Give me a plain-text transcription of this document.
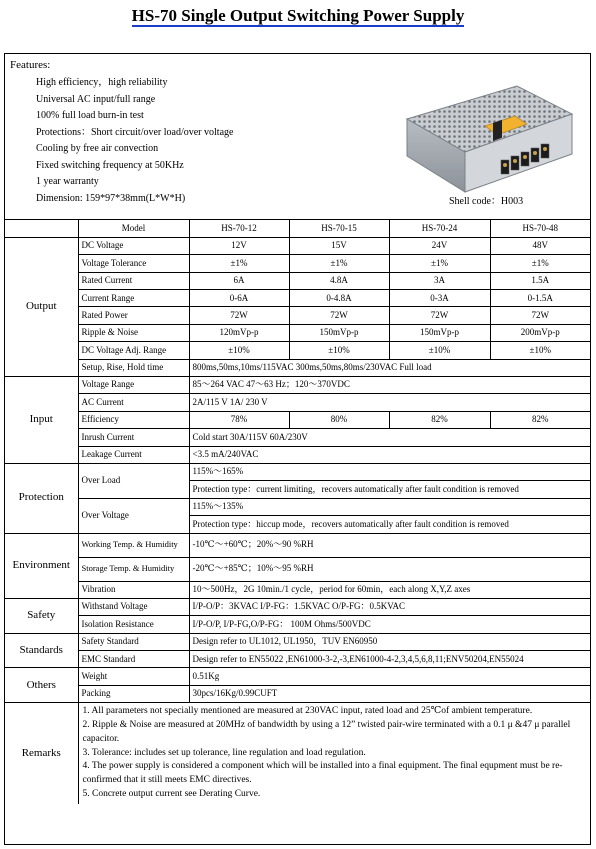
HS-70 Single Output Switching Power Supply
Features:
High efficiency，high reliability
Universal AC input/full range
100% full load burn-in test
Protections：Short circuit/over load/over voltage
Cooling by free air convection
Fixed switching frequency at 50KHz
1 year warranty
Dimension: 159*97*38mm(L*W*H)	Shell code：H003
	Model	HS-70-12	HS-70-15	HS-70-24	HS-70-48
Output	DC Voltage	12V	15V	24V	48V
	Voltage Tolerance	±1%	±1%	±1%	±1%
	Rated Current	6A	4.8A	3A	1.5A
	Current Range	0-6A	0-4.8A	0-3A	0-1.5A
	Rated Power	72W	72W	72W	72W
	Ripple & Noise	120mVp-p	150mVp-p	150mVp-p	200mVp-p
	DC Voltage Adj. Range	±10%	±10%	±10%	±10%
	Setup, Rise, Hold time	800ms,50ms,10ms/115VAC 300ms,50ms,80ms/230VAC Full load			
Input	Voltage Range	85～264 VAC 47～63 Hz；120～370VDC			
	AC Current	2A/115 V 1A/ 230 V			
	Efficiency	78%	80%	82%	82%
	Inrush Current	Cold start 30A/115V 60A/230V			
	Leakage Current	<3.5 mA/240VAC			
Protection	Over Load	115%～165%			
		Protection type：current limiting，recovers automatically after fault condition is removed			
	Over Voltage	115%～135%			
		Protection type：hiccup mode，recovers automatically after fault condition is removed			
Environment	Working Temp. & Humidity	-10℃～+60℃；20%～90 %RH			
	Storage Temp. & Humidity	-20℃～+85℃；10%～95 %RH			
	Vibration	10～500Hz，2G 10min./1 cycle，period for 60min，each along X,Y,Z axes			
Safety	Withstand Voltage	I/P-O/P：3KVAC I/P-FG：1.5KVAC O/P-FG：0.5KVAC			
	Isolation Resistance	I/P-O/P, I/P-FG,O/P-FG： 100M Ohms/500VDC			
Standards	Safety Standard	Design refer to UL1012, UL1950，TUV EN60950			
	EMC Standard	Design refer to EN55022 ,EN61000-3-2,-3,EN61000-4-2,3,4,5,6,8,11;ENV50204,EN55024			
Others	Weight	0.51Kg			
	Packing	30pcs/16Kg/0.99CUFT			
Remarks	1. All parameters not specially mentioned are measured at 230VAC input, rated load and 25℃of ambient temperature.
2. Ripple & Noise are measured at 20MHz of bandwidth by using a 12” twisted pair-wire terminated with a 0.1 μ &47 μ parallel capacitor.
3. Tolerance: includes set up tolerance, line regulation and load regulation.
4. The power supply is considered a component which will be installed into a final equipment. The final equpment must be re-confirmed that it still meets EMC directives.
5. Concrete output current see Derating Curve.				
